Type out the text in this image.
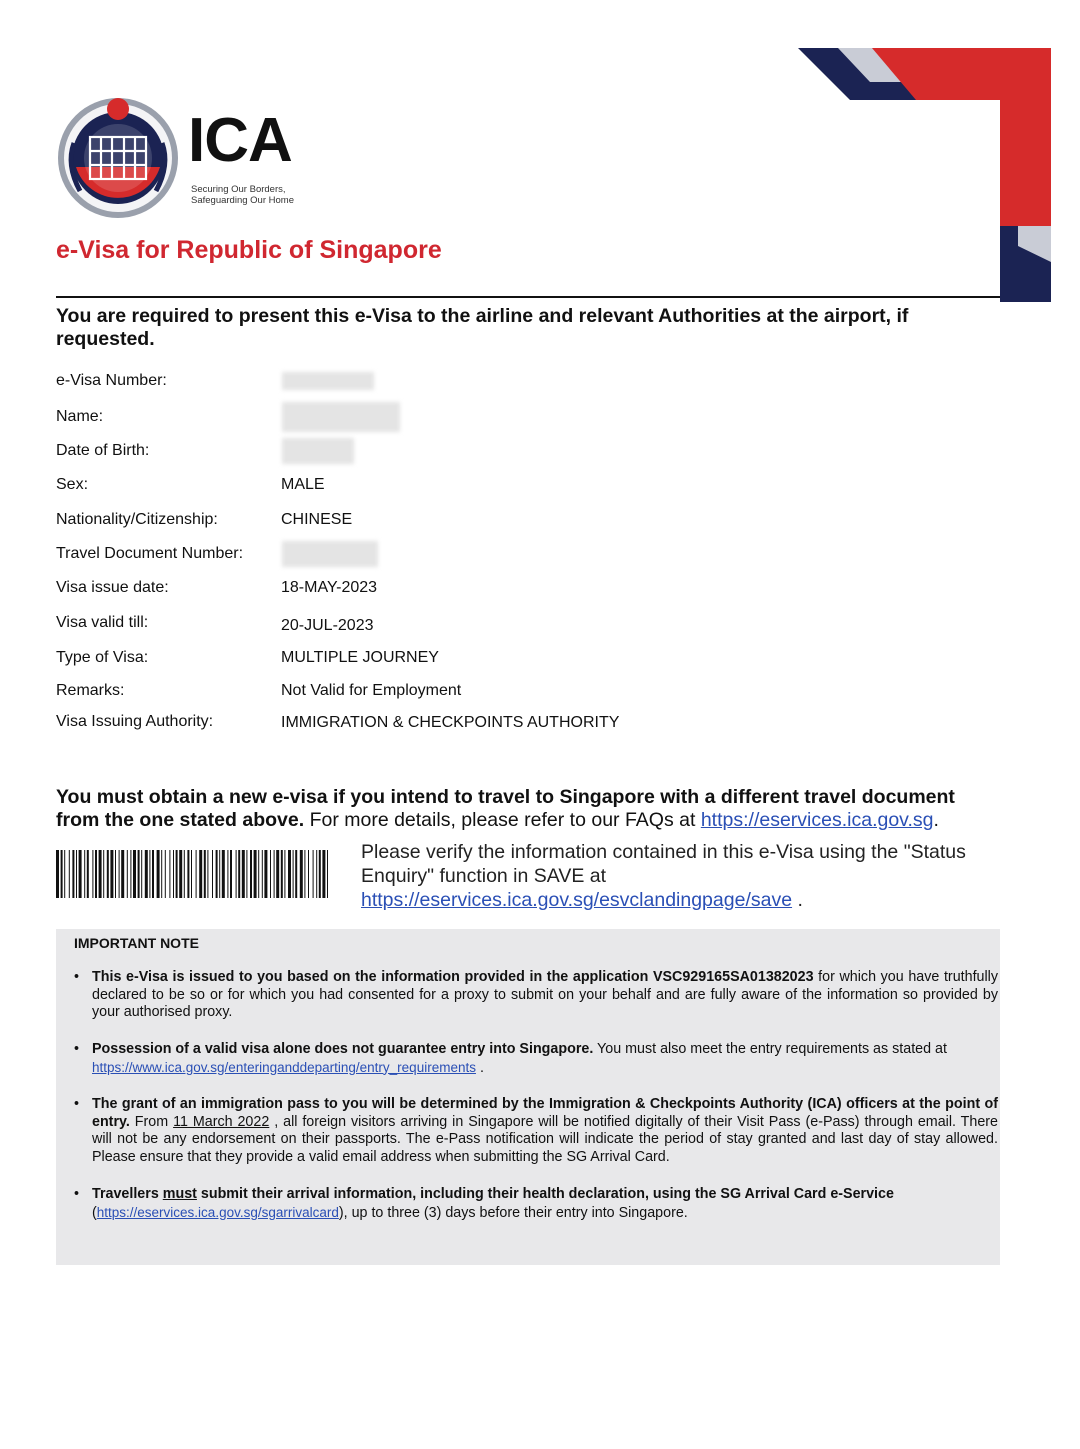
ICA
Securing Our Borders,
Safeguarding Our Home
e-Visa for Republic of Singapore
You are required to present this e-Visa to the airline and relevant Authorities at the airport, if requested.
e-Visa Number:
Name:
Date of Birth:
Sex:	MALE
Nationality/Citizenship:	CHINESE
Travel Document Number:
Visa issue date:	18-MAY-2023
Visa valid till:	20-JUL-2023
Type of Visa:	MULTIPLE JOURNEY
Remarks:	Not Valid for Employment
Visa Issuing Authority:	IMMIGRATION & CHECKPOINTS AUTHORITY
You must obtain a new e-visa if you intend to travel to Singapore with a different travel document from the one stated above. For more details, please refer to our FAQs at https://eservices.ica.gov.sg.
Please verify the information contained in this e-Visa using the "Status Enquiry" function in SAVE at https://eservices.ica.gov.sg/esvclandingpage/save .
IMPORTANT NOTE
• This e-Visa is issued to you based on the information provided in the application VSC929165SA01382023 for which you have truthfully declared to be so or for which you had consented for a proxy to submit on your behalf and are fully aware of the information so provided by your authorised proxy.
• Possession of a valid visa alone does not guarantee entry into Singapore. You must also meet the entry requirements as stated at
https://www.ica.gov.sg/enteringanddeparting/entry_requirements .
• The grant of an immigration pass to you will be determined by the Immigration & Checkpoints Authority (ICA) officers at the point of entry. From 11 March 2022 , all foreign visitors arriving in Singapore will be notified digitally of their Visit Pass (e-Pass) through email. There will not be any endorsement on their passports. The e-Pass notification will indicate the period of stay granted and last day of stay allowed. Please ensure that they provide a valid email address when submitting the SG Arrival Card.
• Travellers must submit their arrival information, including their health declaration, using the SG Arrival Card e-Service
(https://eservices.ica.gov.sg/sgarrivalcard), up to three (3) days before their entry into Singapore.
